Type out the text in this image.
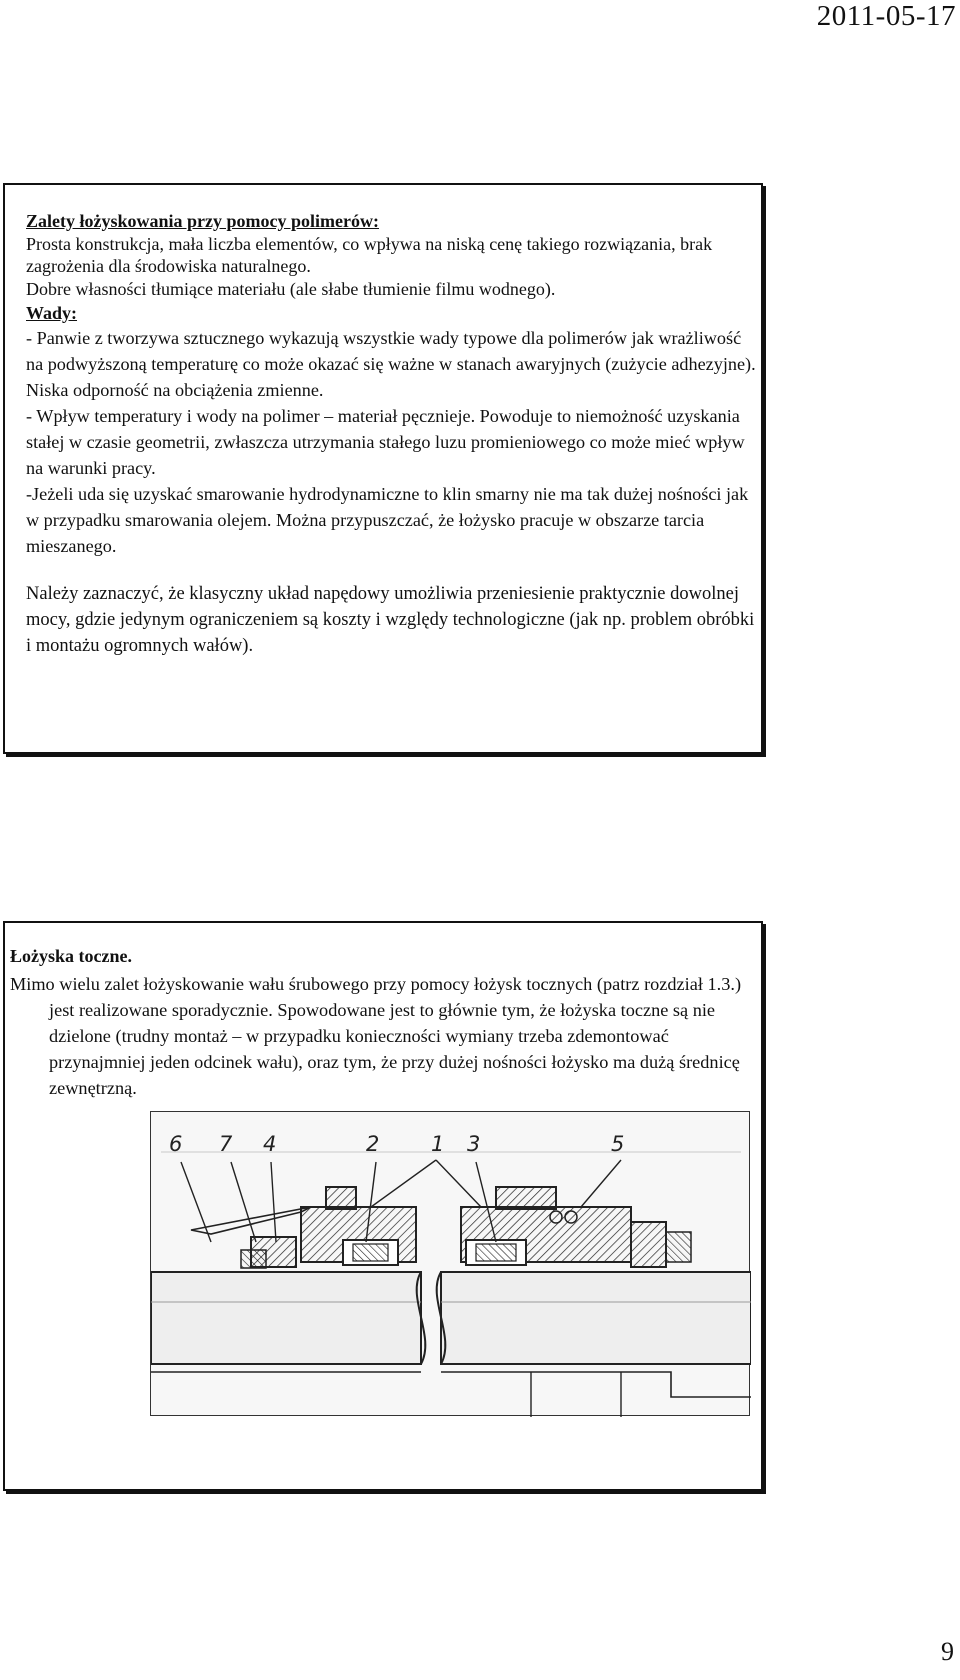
2011-05-17

Zalety łożyskowania przy pomocy polimerów:

Prosta konstrukcja, mała liczba elementów, co wpływa na niską cenę takiego rozwiązania, brak zagrożenia dla środowiska naturalnego.

Dobre własności tłumiące materiału (ale słabe tłumienie filmu wodnego).

Wady:

- Panwie z tworzywa sztucznego wykazują wszystkie wady typowe dla polimerów jak wrażliwość na podwyższoną temperaturę co może okazać się ważne w stanach awaryjnych (zużycie adhezyjne). Niska odporność na obciążenia zmienne.

- Wpływ temperatury i wody na polimer – materiał pęcznieje. Powoduje to niemożność uzyskania stałej w czasie geometrii, zwłaszcza utrzymania stałego luzu promieniowego co może mieć wpływ na warunki pracy.

-Jeżeli uda się uzyskać smarowanie hydrodynamiczne to klin smarny nie ma tak dużej nośności jak w przypadku smarowania olejem. Można przypuszczać, że łożysko pracuje w obszarze tarcia mieszanego.

Należy zaznaczyć, że klasyczny układ napędowy umożliwia przeniesienie praktycznie dowolnej mocy, gdzie jedynym ograniczeniem są koszty i względy technologiczne (jak np. problem obróbki i montażu ogromnych wałów).

Łożyska toczne.

Mimo wielu zalet łożyskowanie wału śrubowego przy pomocy łożysk tocznych (patrz rozdział 1.3.) jest realizowane sporadycznie. Spowodowane jest to głównie tym, że łożyska toczne są nie dzielone (trudny montaż – w przypadku konieczności wymiany trzeba zdemontować przynajmniej jeden odcinek wału), oraz tym, że przy dużej nośności łożysko ma dużą średnicę zewnętrzną.

6 7 4	2 1 3	5
9
